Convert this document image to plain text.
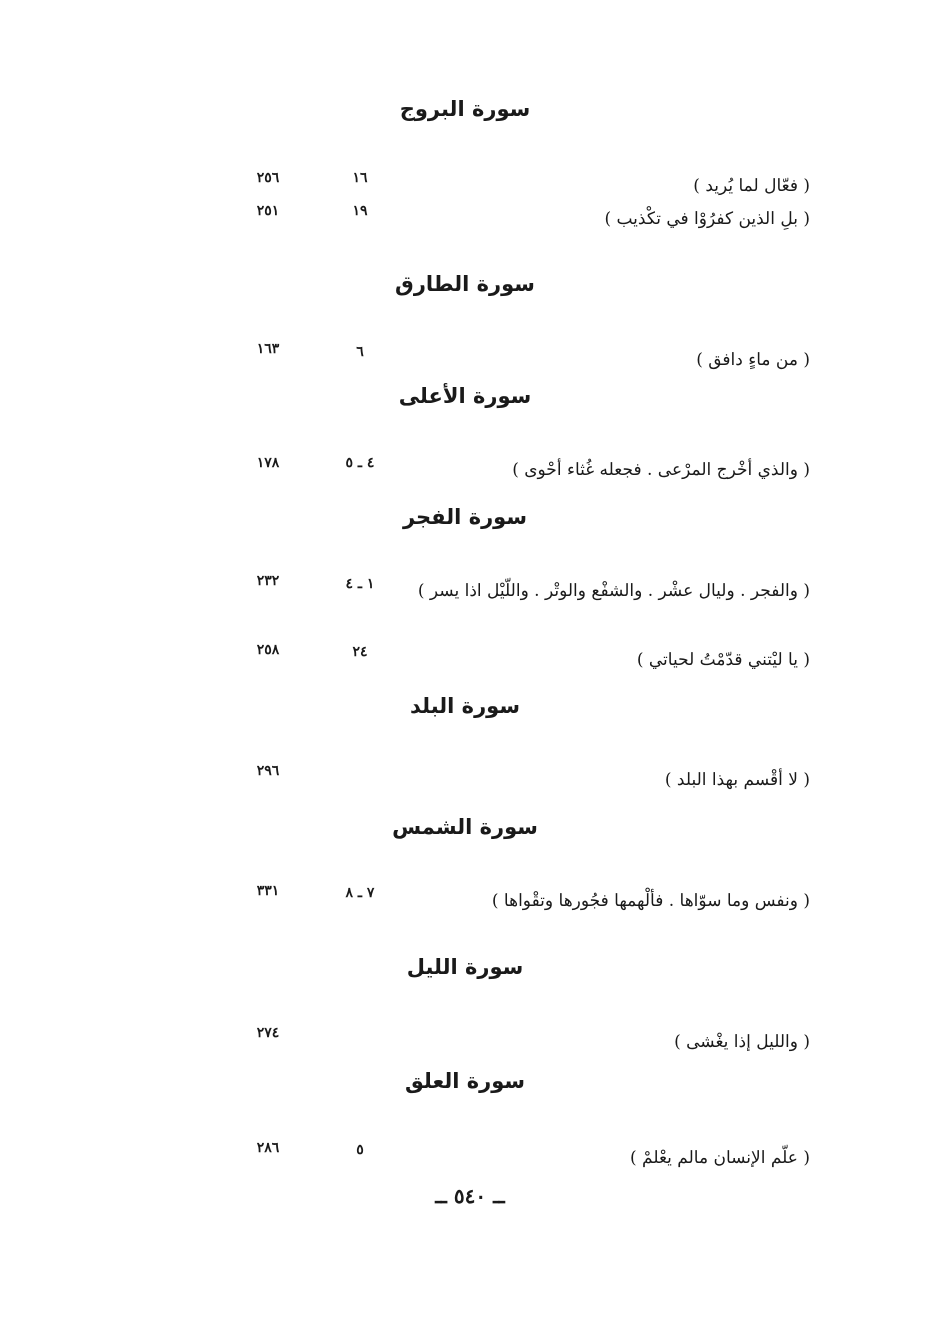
سورة البروج
( فعّال لما يُريد )
١٦
٢٥٦
( بلِ الذين كفرُوْا في تكْذيب )
١٩
٢٥١
سورة الطارق
( من ماءٍ دافق )
٦
١٦٣
سورة الأعلى
( والذي أخْرج المرْعى . فجعله غُثاء أحْوى )
٤ ـ ٥
١٧٨
سورة الفجر
( والفجر . وليال عشْر . والشفْع والوتْر . واللّيْل اذا يسر )
١ ـ ٤
٢٣٢
( يا ليْتني قدّمْتُ لحياتي )
٢٤
٢٥٨
سورة البلد
( لا أقْسم بهذا البلد )
٢٩٦
سورة الشمس
( ونفس وما سوّاها . فألْهمها فجُورها وتقْواها )
٧ ـ ٨
٣٣١
سورة الليل
( والليل إذا يغْشى )
٢٧٤
سورة العلق
( علّم الإنسان مالم يعْلمْ )
٥
٢٨٦
ــ ٥٤٠ ــ
